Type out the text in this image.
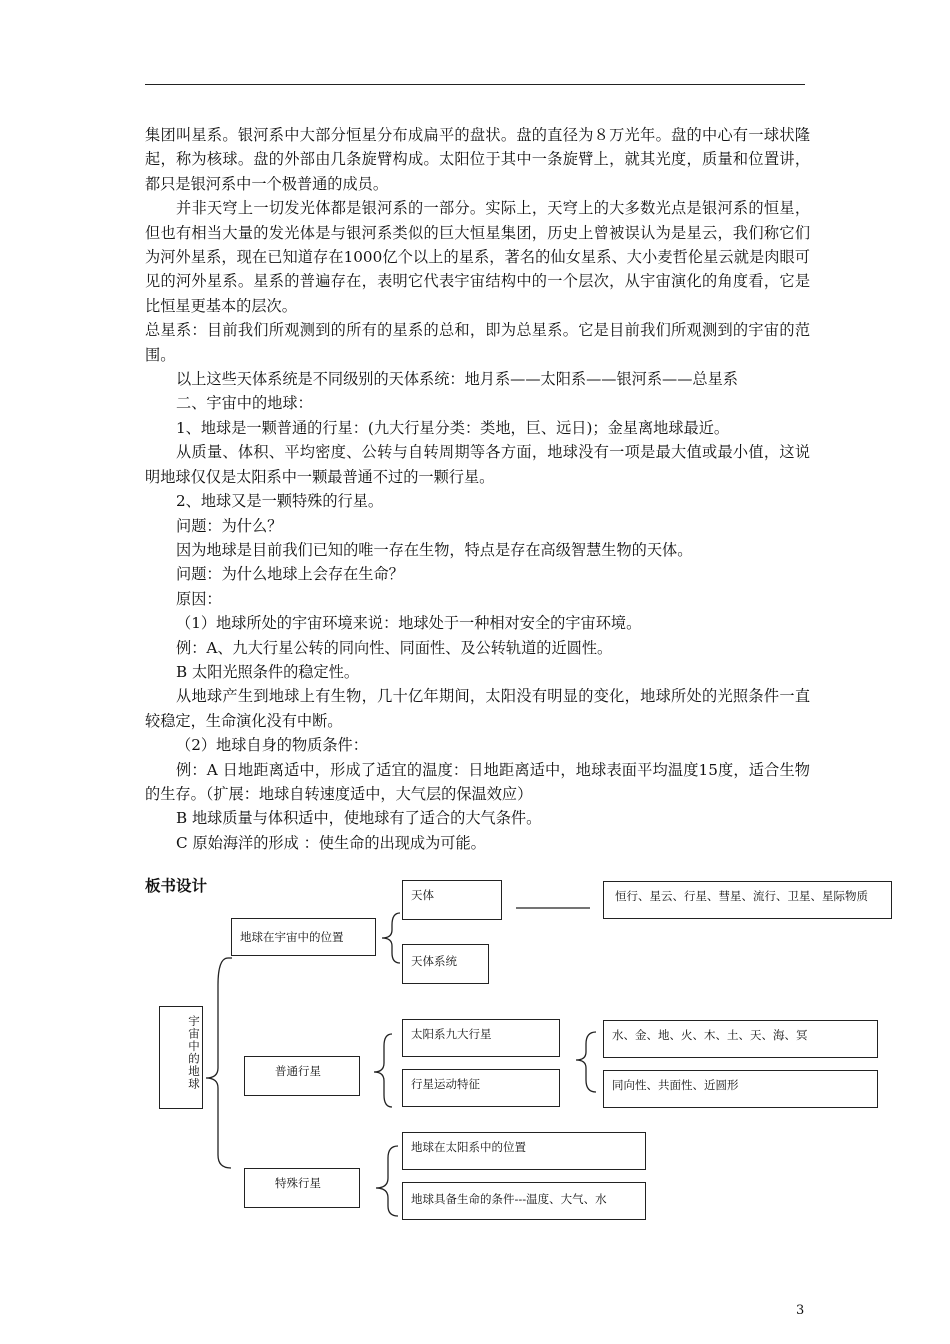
集团叫星系。银河系中大部分恒星分布成扁平的盘状。盘的直径为８万光年。盘的中心有一球状隆起，称为核球。盘的外部由几条旋臂构成。太阳位于其中一条旋臂上，就其光度，质量和位置讲，都只是银河系中一个极普通的成员。

并非天穹上一切发光体都是银河系的一部分。实际上，天穹上的大多数光点是银河系的恒星，但也有相当大量的发光体是与银河系类似的巨大恒星集团，历史上曾被误认为是星云，我们称它们为河外星系，现在已知道存在1000亿个以上的星系，著名的仙女星系、大小麦哲伦星云就是肉眼可见的河外星系。星系的普遍存在，表明它代表宇宙结构中的一个层次，从宇宙演化的角度看，它是比恒星更基本的层次。

总星系：目前我们所观测到的所有的星系的总和，即为总星系。它是目前我们所观测到的宇宙的范围。

以上这些天体系统是不同级别的天体系统：地月系——太阳系——银河系——总星系

二、宇宙中的地球：

1、地球是一颗普通的行星：(九大行星分类：类地，巨、远日)；金星离地球最近。

从质量、体积、平均密度、公转与自转周期等各方面，地球没有一项是最大值或最小值，这说明地球仅仅是太阳系中一颗最普通不过的一颗行星。

2、地球又是一颗特殊的行星。

问题：为什么？

因为地球是目前我们已知的唯一存在生物，特点是存在高级智慧生物的天体。

问题：为什么地球上会存在生命？

原因：

（1）地球所处的宇宙环境来说：地球处于一种相对安全的宇宙环境。

例：A、九大行星公转的同向性、同面性、及公转轨道的近圆性。

B 太阳光照条件的稳定性。

从地球产生到地球上有生物，几十亿年期间，太阳没有明显的变化，地球所处的光照条件一直较稳定，生命演化没有中断。

（2）地球自身的物质条件：

例：A 日地距离适中，形成了适宜的温度：日地距离适中，地球表面平均温度15度，适合生物的生存。（扩展：地球自转速度适中，大气层的保温效应）

B 地球质量与体积适中，使地球有了适合的大气条件。

C 原始海洋的形成 ：使生命的出现成为可能。

板书设计
宇宙中的地球
地球在宇宙中的位置
天体	恒行、星云、行星、彗星、流行、卫星、星际物质
天体系统
普通行星
太阳系九大行星
行星运动特征
水、金、地、火、木、土、天、海、冥
同向性、共面性、近圆形
特殊行星
地球在太阳系中的位置
地球具备生命的条件---温度、大气、水
3
